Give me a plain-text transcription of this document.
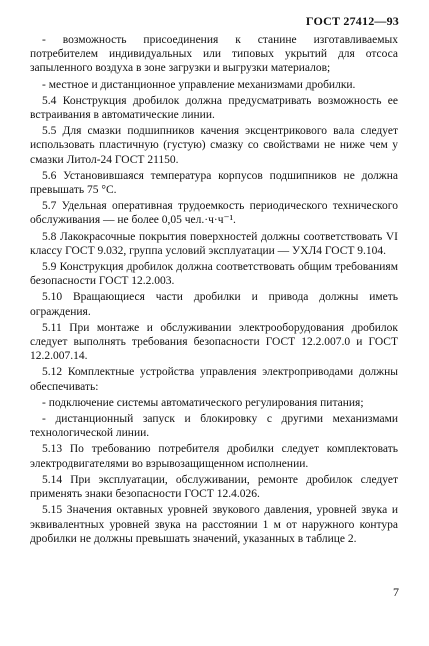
ГОСТ 27412—93

- возможность присоединения к станине изготавливаемых потребителем индивидуальных или типовых укрытий для отсоса запыленного воздуха в зоне загрузки и выгрузки материалов;

- местное и дистанционное управление механизмами дробилки.

5.4 Конструкция дробилок должна предусматривать возможность ее встраивания в автоматические линии.

5.5 Для смазки подшипников качения эксцентрикового вала следует использовать пластичную (густую) смазку со свойствами не ниже чем у смазки Литол-24 ГОСТ 21150.

5.6 Установившаяся температура корпусов подшипников не должна превышать 75 °С.

5.7 Удельная оперативная трудоемкость периодического технического обслуживания — не более 0,05 чел.·ч·ч⁻¹.

5.8 Лакокрасочные покрытия поверхностей должны соответствовать VI классу ГОСТ 9.032, группа условий эксплуатации — УХЛ4 ГОСТ 9.104.

5.9 Конструкция дробилок должна соответствовать общим требованиям безопасности ГОСТ 12.2.003.

5.10 Вращающиеся части дробилки и привода должны иметь ограждения.

5.11 При монтаже и обслуживании электрооборудования дробилок следует выполнять требования безопасности ГОСТ 12.2.007.0 и ГОСТ 12.2.007.14.

5.12 Комплектные устройства управления электроприводами должны обеспечивать:

- подключение системы автоматического регулирования питания;

- дистанционный запуск и блокировку с другими механизмами технологической линии.

5.13 По требованию потребителя дробилки следует комплектовать электродвигателями во взрывозащищенном исполнении.

5.14 При эксплуатации, обслуживании, ремонте дробилок следует применять знаки безопасности ГОСТ 12.4.026.

5.15 Значения октавных уровней звукового давления, уровней звука и эквивалентных уровней звука на расстоянии 1 м от наружного контура дробилки не должны превышать значений, указанных в таблице 2.

7
